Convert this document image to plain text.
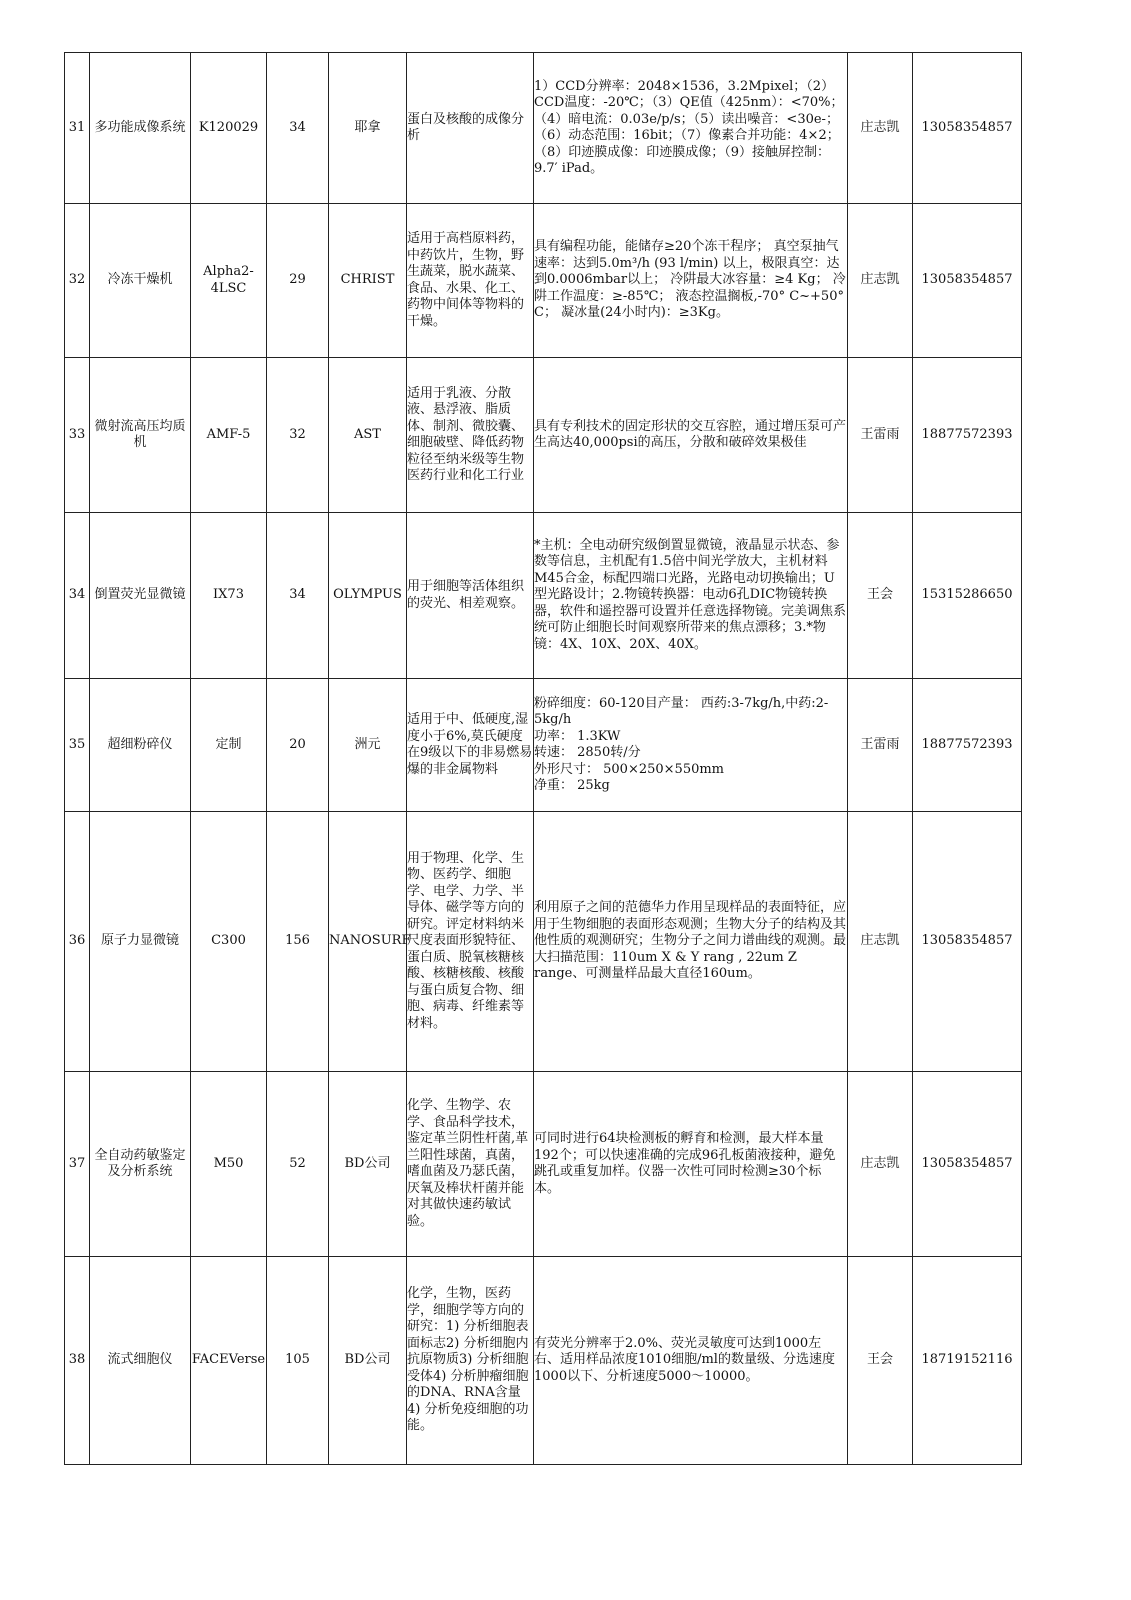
31	多功能成像系统	K120029	34	耶拿	蛋白及核酸的成像分析	1）CCD分辨率：2048×1536，3.2Mpixel；（2）CCD温度：-20℃；（3）QE值（425nm）：<70%；（4）暗电流：0.03e/p/s；（5）读出噪音：<30e-；（6）动态范围：16bit；（7）像素合并功能：4×2；（8）印迹膜成像：印迹膜成像；（9）接触屏控制：9.7′ iPad。	庄志凯	13058354857
32	冷冻干燥机	Alpha2-4LSC	29	CHRIST	适用于高档原料药，中药饮片，生物，野生蔬菜，脱水蔬菜、食品、水果、化工、药物中间体等物料的干燥。	具有编程功能，能储存≥20个冻干程序； 真空泵抽气速率：达到5.0m³/h (93 l/min) 以上，极限真空：达到0.0006mbar以上； 冷阱最大冰容量：≥4 Kg； 冷阱工作温度：≥-85℃； 液态控温搁板,-70° C~+50° C； 凝冰量(24小时内)：≥3Kg。	庄志凯	13058354857
33	微射流高压均质机	AMF-5	32	AST	适用于乳液、分散液、悬浮液、脂质体、制剂、微胶囊、细胞破壁、降低药物粒径至纳米级等生物医药行业和化工行业	具有专利技术的固定形状的交互容腔，通过增压泵可产生高达40,000psi的高压，分散和破碎效果极佳	王雷雨	18877572393
34	倒置荧光显微镜	IX73	34	OLYMPUS	用于细胞等活体组织的荧光、相差观察。	*主机：全电动研究级倒置显微镜，液晶显示状态、参数等信息，主机配有1.5倍中间光学放大，主机材料M45合金，标配四端口光路，光路电动切换输出；U型光路设计；2.物镜转换器：电动6孔DIC物镜转换器，软件和遥控器可设置并任意选择物镜。完美调焦系统可防止细胞长时间观察所带来的焦点漂移；3.*物镜：4X、10X、20X、40X。	王会	15315286650
35	超细粉碎仪	定制	20	洲元	适用于中、低硬度,湿度小于6%,莫氏硬度在9级以下的非易燃易爆的非金属物料	粉碎细度：60-120目产量： 西药:3-7kg/h,中药:2-5kg/h
功率： 1.3KW
转速： 2850转/分
外形尺寸： 500×250×550mm
净重： 25kg	王雷雨	18877572393
36	原子力显微镜	C300	156	NANOSURF	用于物理、化学、生物、医药学、细胞学、电学、力学、半导体、磁学等方向的研究。评定材料纳米尺度表面形貌特征、蛋白质、脱氧核糖核酸、核糖核酸、核酸与蛋白质复合物、细胞、病毒、纤维素等材料。	利用原子之间的范德华力作用呈现样品的表面特征，应用于生物细胞的表面形态观测；生物大分子的结构及其他性质的观测研究；生物分子之间力谱曲线的观测。最大扫描范围：110um X & Y rang , 22um Z range、可测量样品最大直径160um。	庄志凯	13058354857
37	全自动药敏鉴定及分析系统	M50	52	BD公司	化学、生物学、农学、食品科学技术，鉴定革兰阴性杆菌,革兰阳性球菌，真菌，嗜血菌及乃瑟氏菌，厌氧及棒状杆菌并能对其做快速药敏试验。	可同时进行64块检测板的孵育和检测，最大样本量192个；可以快速准确的完成96孔板菌液接种，避免跳孔或重复加样。仪器一次性可同时检测≥30个标本。	庄志凯	13058354857
38	流式细胞仪	FACEVerse	105	BD公司	化学，生物，医药学，细胞学等方向的研究：1) 分析细胞表面标志2) 分析细胞内抗原物质3) 分析细胞受体4) 分析肿瘤细胞的DNA、RNA含量4) 分析免疫细胞的功能。	有荧光分辨率于2.0%、荧光灵敏度可达到1000左右、适用样品浓度1010细胞/ml的数量级、分选速度1000以下、分析速度5000～10000。	王会	18719152116
